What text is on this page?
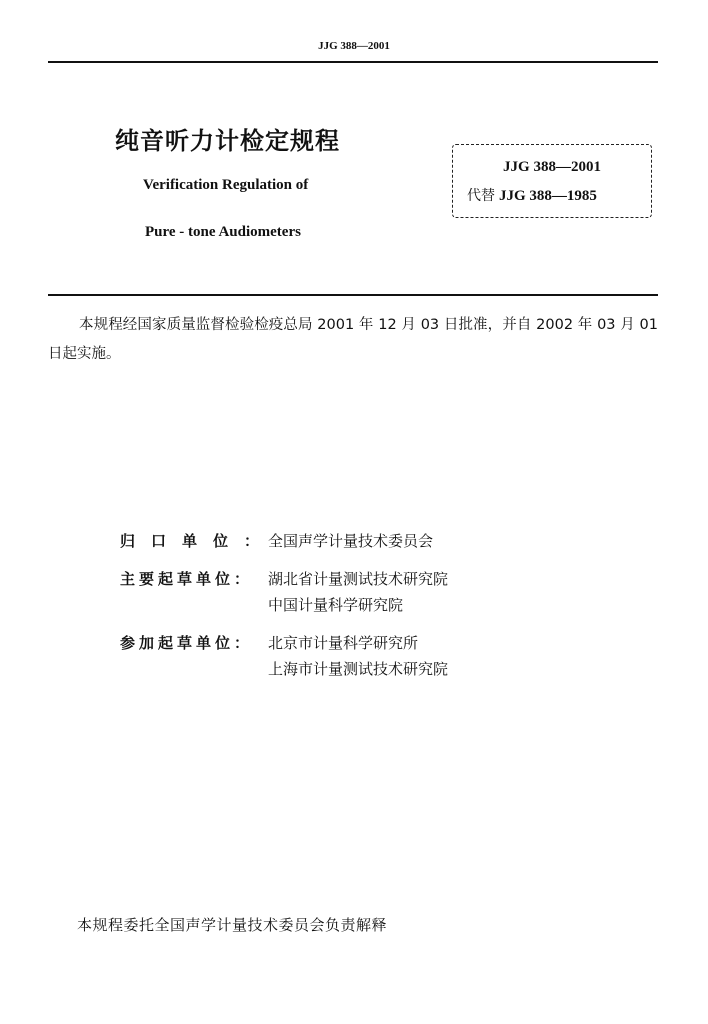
JJG 388—2001
纯音听力计检定规程
Verification Regulation of
Pure - tone Audiometers
JJG 388—2001
代替 JJG 388—1985
本规程经国家质量监督检验检疫总局 2001 年 12 月 03 日批准，并自 2002 年 03 月 01 日起实施。
归口单位：
全国声学计量技术委员会
主要起草单位： 湖北省计量测试技术研究院
中国计量科学研究院
参加起草单位： 北京市计量科学研究所
上海市计量测试技术研究院
本规程委托全国声学计量技术委员会负责解释
